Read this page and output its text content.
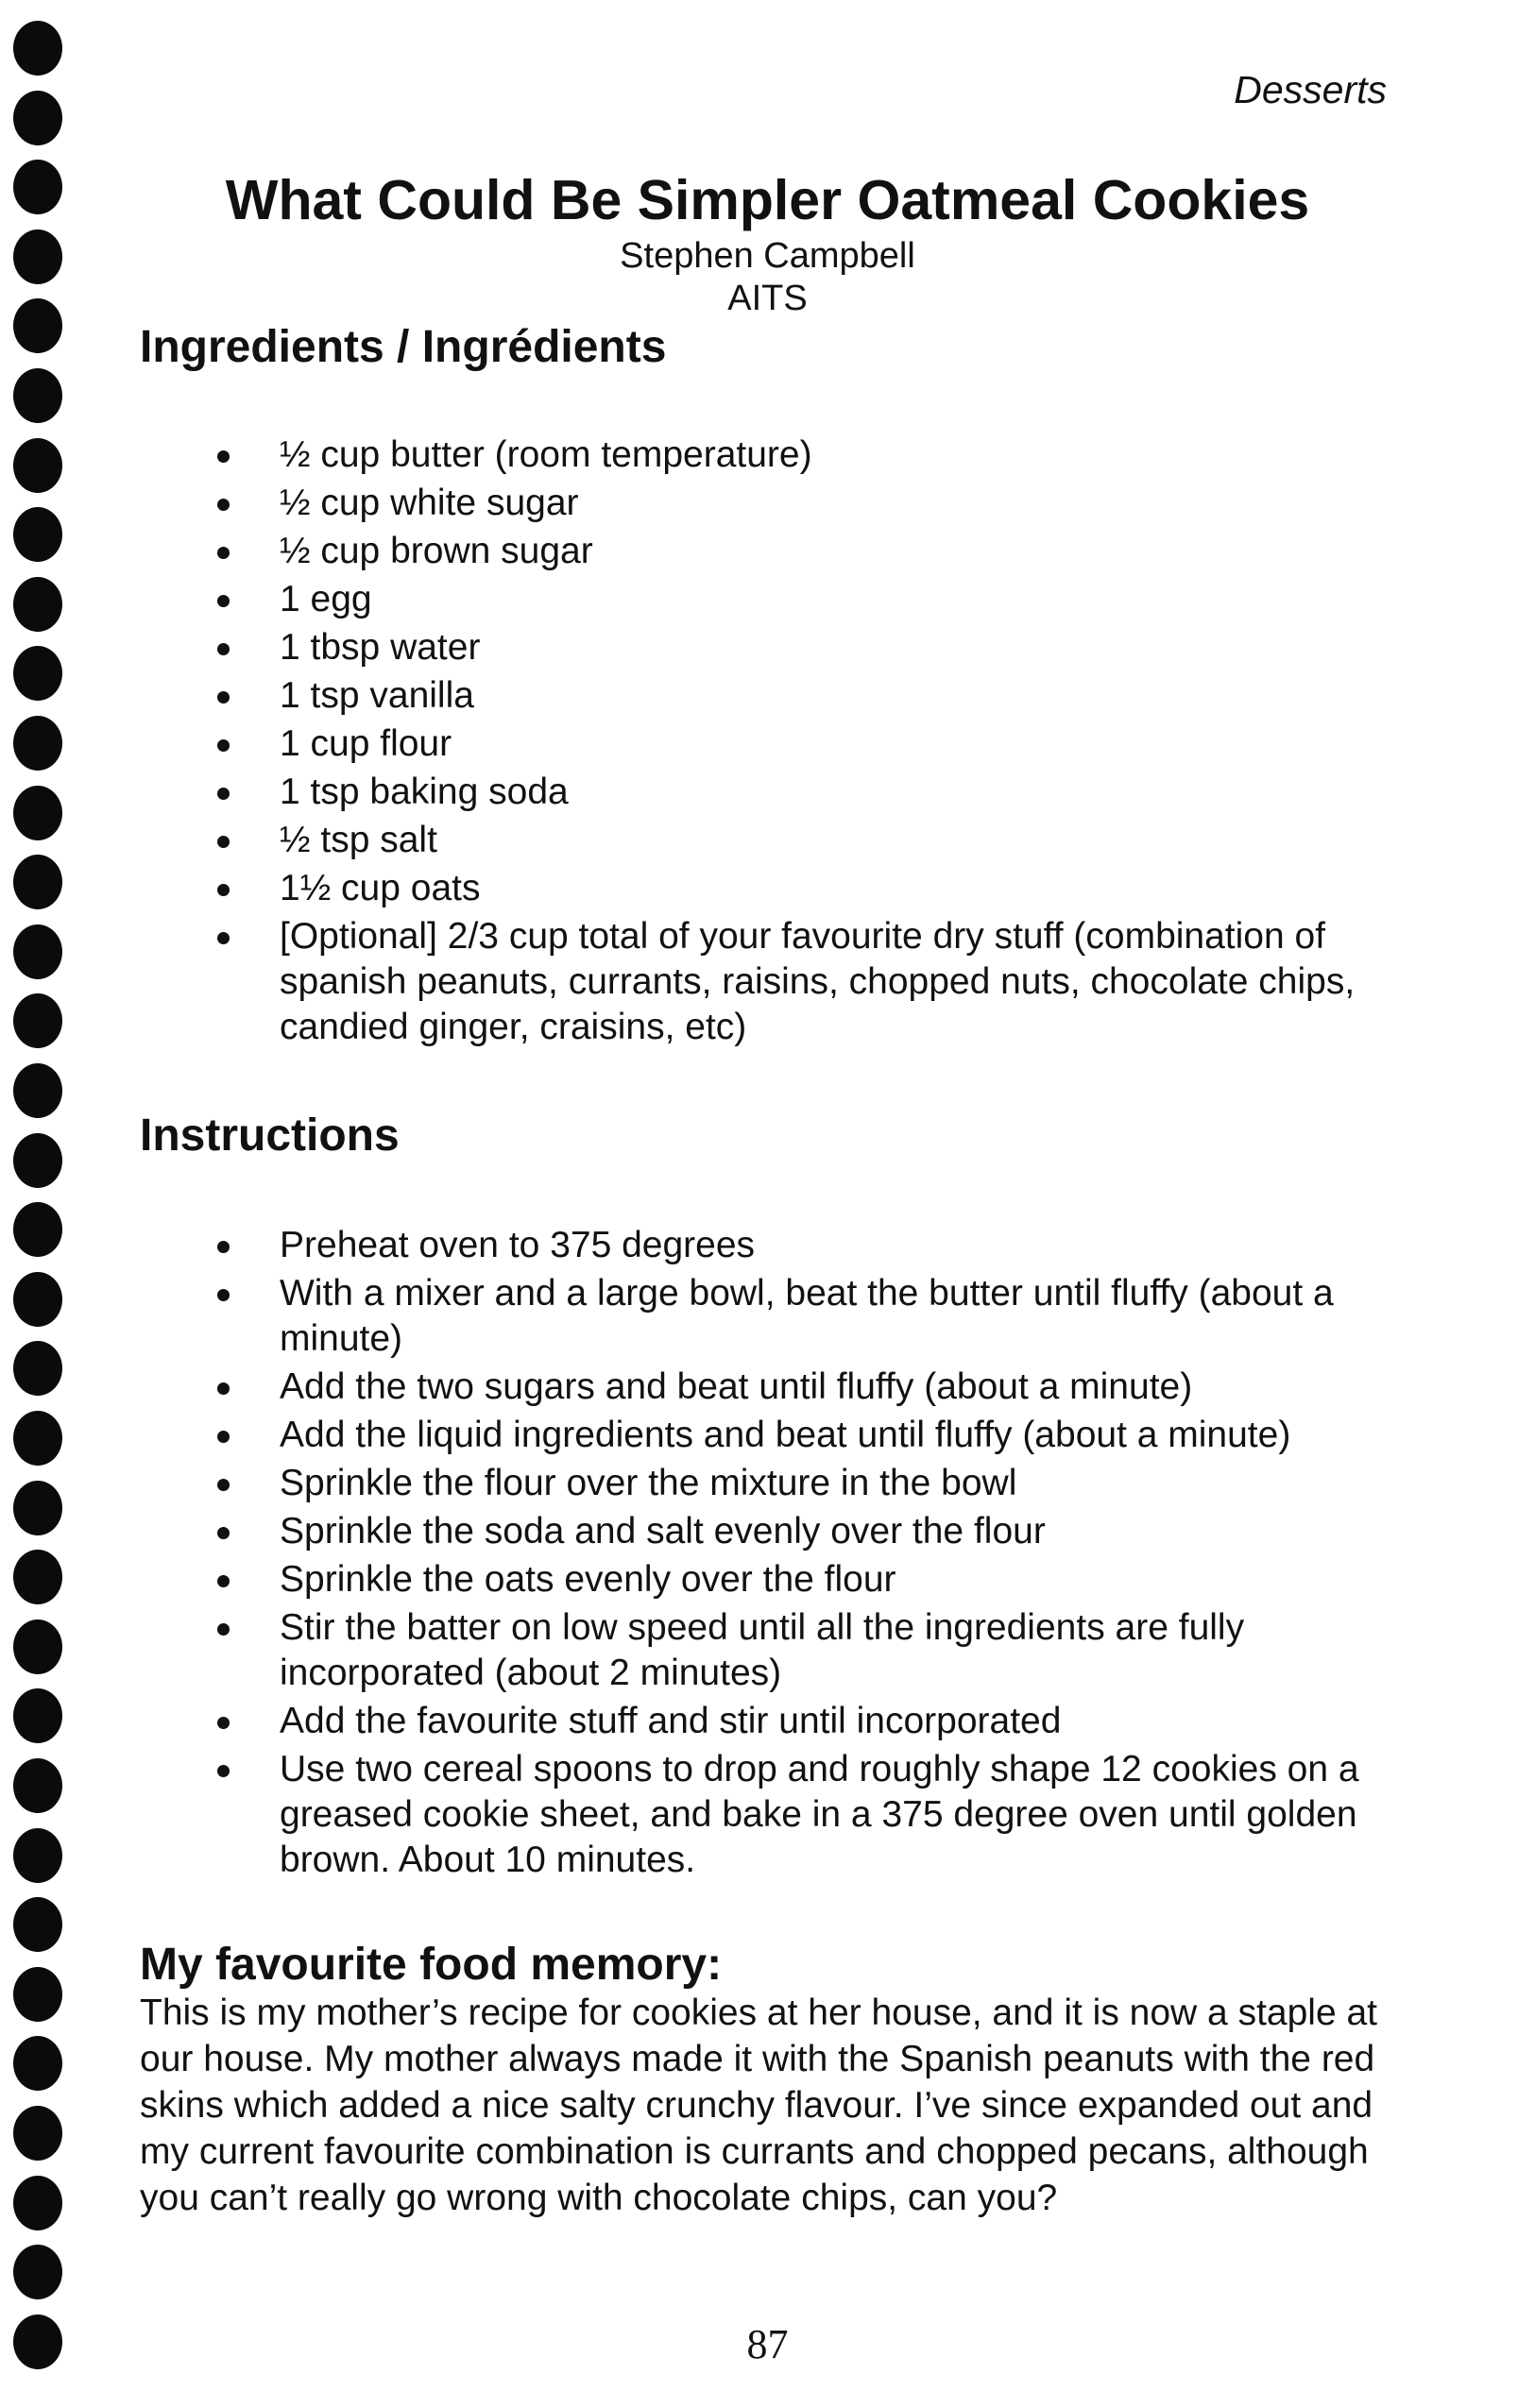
Desserts
What Could Be Simpler Oatmeal Cookies
Stephen Campbell
AITS
Ingredients / Ingrédients
½ cup butter (room temperature)
½ cup white sugar
½ cup brown sugar
1 egg
1 tbsp water
1 tsp vanilla
1 cup flour
1 tsp baking soda
½ tsp salt
1½ cup oats
[Optional] 2/3 cup total of your favourite dry stuff (combination of spanish peanuts, currants, raisins, chopped nuts, chocolate chips, candied ginger, craisins, etc)
Instructions
Preheat oven to 375 degrees
With a mixer and a large bowl, beat the butter until fluffy (about a minute)
Add the two sugars and beat until fluffy (about a minute)
Add the liquid ingredients and beat until fluffy (about a minute)
Sprinkle the flour over the mixture in the bowl
Sprinkle the soda and salt evenly over the flour
Sprinkle the oats evenly over the flour
Stir the batter on low speed until all the ingredients are fully incorporated (about 2 minutes)
Add the favourite stuff and stir until incorporated
Use two cereal spoons to drop and roughly shape 12 cookies on a greased cookie sheet, and bake in a 375 degree oven until golden brown. About 10 minutes.
My favourite food memory:

This is my mother’s recipe for cookies at her house, and it is now a staple at our house. My mother always made it with the Spanish peanuts with the red skins which added a nice salty crunchy flavour. I’ve since expanded out and my current favourite combination is currants and chopped pecans, although you can’t really go wrong with chocolate chips, can you?

87
